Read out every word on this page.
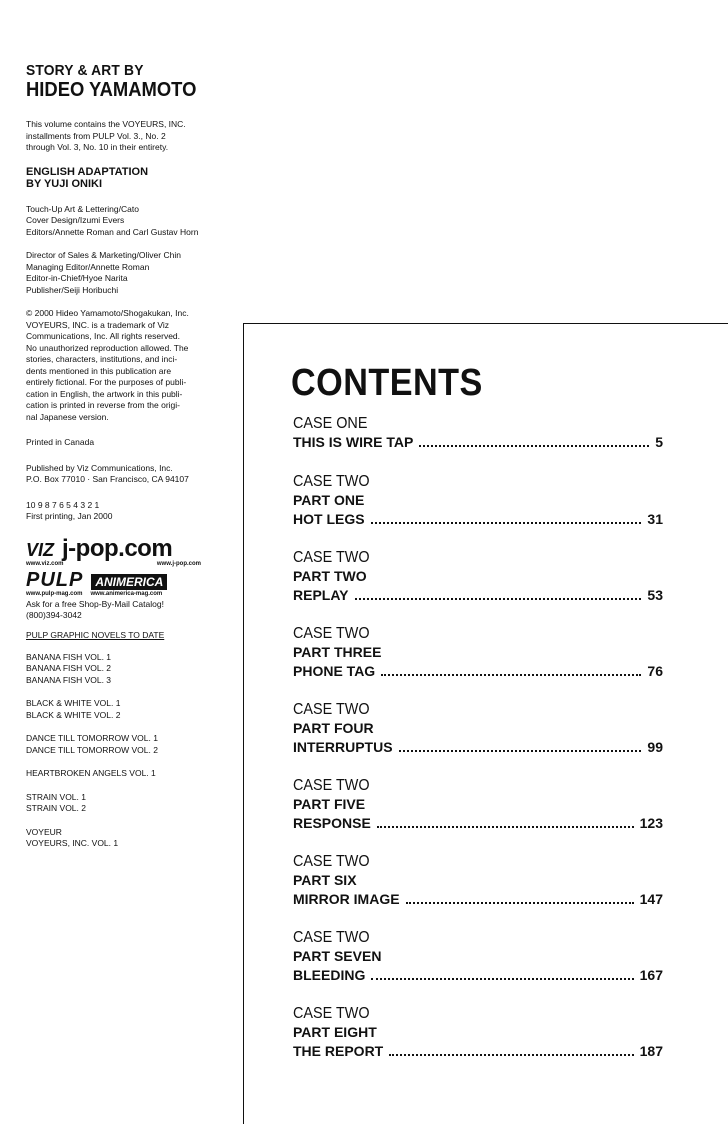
STORY & ART BY
HIDEO YAMAMOTO
This volume contains the VOYEURS, INC.
installments from PULP Vol. 3., No. 2
through Vol. 3, No. 10 in their entirety.
ENGLISH ADAPTATION
BY YUJI ONIKI
Touch-Up Art & Lettering/Cato
Cover Design/Izumi Evers
Editors/Annette Roman and Carl Gustav Horn
Director of Sales & Marketing/Oliver Chin
Managing Editor/Annette Roman
Editor-in-Chief/Hyoe Narita
Publisher/Seiji Horibuchi
© 2000 Hideo Yamamoto/Shogakukan, Inc.
VOYEURS, INC. is a trademark of Viz
Communications, Inc. All rights reserved.
No unauthorized reproduction allowed. The
stories, characters, institutions, and inci-
dents mentioned in this publication are
entirely fictional. For the purposes of publi-
cation in English, the artwork in this publi-
cation is printed in reverse from the origi-
nal Japanese version.
Printed in Canada
Published by Viz Communications, Inc.
P.O. Box 77010 · San Francisco, CA 94107
10 9 8 7 6 5 4 3 2 1
First printing, Jan 2000
VIZ j-pop.com
www.viz.com	www.j-pop.com
PULP	ANIMERICA
www.pulp-mag.com www.animerica-mag.com
Ask for a free Shop-By-Mail Catalog!
(800)394-3042
PULP GRAPHIC NOVELS TO DATE
BANANA FISH VOL. 1
BANANA FISH VOL. 2
BANANA FISH VOL. 3
BLACK & WHITE VOL. 1
BLACK & WHITE VOL. 2
DANCE TILL TOMORROW VOL. 1
DANCE TILL TOMORROW VOL. 2
HEARTBROKEN ANGELS VOL. 1
STRAIN VOL. 1
STRAIN VOL. 2
VOYEUR
VOYEURS, INC. VOL. 1
CONTENTS
CASE ONE
THIS IS WIRE TAP	5
CASE TWO
PART ONE
HOT LEGS	31
CASE TWO
PART TWO
REPLAY	53
CASE TWO
PART THREE
PHONE TAG	76
CASE TWO
PART FOUR
INTERRUPTUS	99
CASE TWO
PART FIVE
RESPONSE	123
CASE TWO
PART SIX
MIRROR IMAGE	147
CASE TWO
PART SEVEN
BLEEDING	167
CASE TWO
PART EIGHT
THE REPORT	187
